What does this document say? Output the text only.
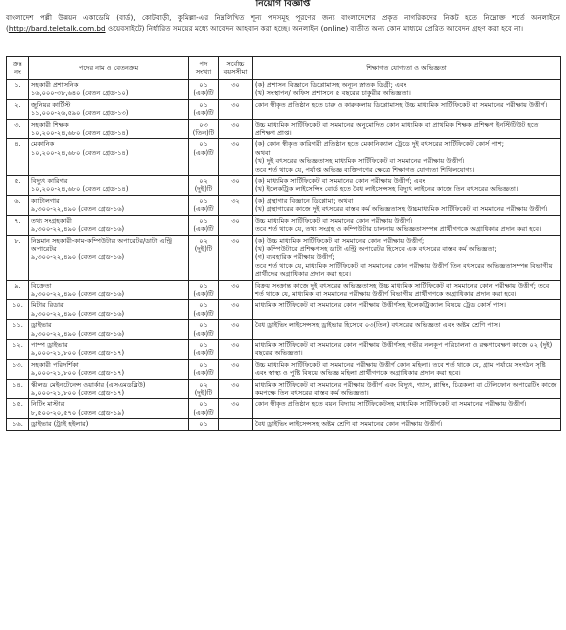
নিয়োগ বিজ্ঞপ্তি
বাংলাদেশ পল্লী উন্নয়ন একাডেমি (বার্ড), কোটবাড়ী, কুমিল্লা-এর নিম্নলিখিত শূন্য পদসমূহ পূরণের জন্য বাংলাদেশের প্রকৃত নাগরিকদের নিকট হতে নিম্নোক্ত শর্তে অনলাইনে (http://bard.teletalk.com.bd ওয়েবসাইটে) নির্ধারিত সময়ের মধ্যে আবেদন আহবান করা হচ্ছে। অনলাইন (online) ব্যতীত অন্য কোন মাধ্যমে প্রেরিত আবেদন গ্রহণ করা হবে না।
ক্রঃ নং	পদের নাম ও বেতনক্রম	পদ সংখ্যা	সর্বোচ্চ বয়সসীমা	শিক্ষাগত যোগ্যতা ও অভিজ্ঞতা
১.	সহকারী প্রশাসনিক
১৬,০০০-৩৮,৬৪০ (বেতন গ্রেড-১০)	০১ (এক)টি	৩০	(ক) প্রশাসন বিজ্ঞানে ডিপ্লোমাসহ অন্যূন স্নাতক ডিগ্রী; এবং
(খ) সংস্থাপন/ অফিস প্রশাসনে ৫ বছরের চাকুরীর অভিজ্ঞতা।

২.	জুনিয়র কার্টিস্ট
১১,০০০-২৬,৫৯০ (বেতন গ্রেড-১৩)	০১ (এক)টি	৩০	কোন স্বীকৃত প্রতিষ্ঠান হতে চারু ও কারুকলায় ডিপ্লোমাসহ উচ্চ মাধ্যমিক সার্টিফিকেট বা সমমানের পরীক্ষায় উত্তীর্ণ।

৩.	সহকারী শিক্ষক
১০,২০০-২৪,৬৮০ (বেতন গ্রেড-১৪)	০৩ (তিন)টি	৩০	উচ্চ মাধ্যমিক সার্টিফিকেট বা সমমানের অনুমোদিত কোন মাধ্যমিক বা প্রাথমিক শিক্ষক প্রশিক্ষণ ইনস্টিটিউট হতে প্রশিক্ষণ প্রাপ্ত।

৪.	মেকানিক
১০,২০০-২৪,৬৮০ (বেতন গ্রেড-১৪)	০১ (এক)টি	৩০	(ক) কোন স্বীকৃত কারিগরী প্রতিষ্ঠান হতে মেকানিক্যাল ট্রেডে দুই বৎসরের সার্টিফিকেট কোর্স পাশ;
অথবা
(খ) দুই বৎসরের অভিজ্ঞতাসহ মাধ্যমিক সার্টিফিকেট বা সমমানের পরীক্ষায় উত্তীর্ণ।
তবে শর্ত থাকে যে, পর্যাপ্ত অভিজ্ঞ ব্যক্তিগণের ক্ষেত্রে শিক্ষাগত যোগ্যতা শিথিলযোগ্য।

৫.	বিদ্যুৎ কারিগর
১০,২০০-২৪,৬৮০ (বেতন গ্রেড-১৪)	০২ (দুই)টি	৩০	(ক) মাধ্যমিক সার্টিফিকেট বা সমমানের কোন পরীক্ষায় উত্তীর্ণ; এবং
(খ) ইলেকট্রিক লাইসেন্সিং বোর্ড হতে বৈধ লাইসেন্সসহ বিদ্যুৎ লাইনের কাজে তিন বৎসরের অভিজ্ঞতা।

৬.	ক্যাটালগার
৯,৩০০-২২,৪৯০ (বেতন গ্রেড-১৬)	০১ (এক)টি	৩২	(ক) গ্রন্থাগার বিজ্ঞানে ডিপ্লোমা; অথবা
(খ) গ্রন্থাগারের কাজে দুই বৎসরের বাস্তব কর্ম অভিজ্ঞতাসহ উচ্চমাধ্যমিক সার্টিফিকেট বা সমমানের পরীক্ষায় উত্তীর্ণ।

৭.	তথ্য সংগ্রহকারী
৯,৩০০-২২,৪৯০ (বেতন গ্রেড-১৬)	০১ (এক)টি	৩০	উচ্চ মাধ্যমিক সার্টিফিকেট বা সমমানের কোন পরীক্ষায় উত্তীর্ণ।
তবে শর্ত থাকে যে, তথ্য সংগ্রহ ও কম্পিউটার চালনায় অভিজ্ঞতাসম্পন্ন প্রার্থীগণকে অগ্রাধিকার প্রদান করা হবে।

৮.	নিম্নমান সহকারী-কাম-কম্পিউটার অপারেটর/ডাটা এন্ট্রি অপারেটর
৯,৩০০-২২,৪৯০ (বেতন গ্রেড-১৬)	০২ (দুই)টি	৩০	(ক) উচ্চ মাধ্যমিক সার্টিফিকেট বা সমমানের কোন পরীক্ষায় উত্তীর্ণ;
(খ) কম্পিউটারে প্রশিক্ষণসহ ডাটা এন্ট্রি অপারেটর হিসেবে এক বৎসরের বাস্তব কর্ম অভিজ্ঞতা;
(গ) ব্যবহারিক পরীক্ষায় উত্তীর্ণ;
তবে শর্ত থাকে যে, মাধ্যমিক সার্টিফিকেট বা সমমানের কোন পরীক্ষায় উত্তীর্ণ তিন বৎসরের অভিজ্ঞতাসম্পন্ন বিভাগীয় প্রার্থীদের অগ্রাধিকার প্রদান করা হবে।

৯.	বিক্রেতা
৯,৩০০-২২,৪৯০ (বেতন গ্রেড-১৬)	০১ (এক)টি	৩০	বিক্রয় সংক্রান্ত কাজে দুই বৎসরের অভিজ্ঞতাসহ উচ্চ মাধ্যমিক সার্টিফিকেট বা সমমানের কোন পরীক্ষায় উত্তীর্ণ; তবে শর্ত থাকে যে, মাধ্যমিক বা সমমানের পরীক্ষায় উত্তীর্ণ বিভাগীয় প্রার্থীগণকে অগ্রাধিকার প্রদান করা হবে।

১০.	মিটার রিডার
৯,৩০০-২২,৪৯০ (বেতন গ্রেড-১৬)	০১ (এক)টি	৩০	মাধ্যমিক সার্টিফিকেট বা সমমানের কোন পরীক্ষায় উত্তীর্ণসহ ইলেকট্রিক্যাল বিষয়ে ট্রেড কোর্স পাস।

১১.	ড্রাইভার
৯,৩০০-২২,৪৯০ (বেতন গ্রেড-১৬)	০১ (এক)টি	৩০	বৈধ ড্রাইভিং লাইসেন্সসহ ড্রাইভার হিসেবে ০৩(তিন) বৎসরের অভিজ্ঞতা এবং অষ্টম শ্রেণি পাস।

১২.	পাম্প ড্রাইভার
৯,০০০-২১,৮০০ (বেতন গ্রেড-১৭)	০১ (এক)টি	৩০	মাধ্যমিক সার্টিফিকেট বা সমমানের কোন পরীক্ষায় উত্তীর্ণসহ গভীর নলকূপ পরিচালনা ও রক্ষণাবেক্ষণ কাজে ০২ (দুই) বছরের অভিজ্ঞতা।

১৩.	সহকারী পরিদর্শিকা
৯,০০০-২১,৮০০ (বেতন গ্রেড-১৭)	০১ (এক)টি	৩০	উচ্চ মাধ্যমিক সার্টিফিকেট বা সমমানের পরীক্ষায় উত্তীর্ণ কোন মহিলা। তবে শর্ত থাকে যে, গ্রাম পর্যায়ে সংগঠন সৃষ্টি এবং স্বাস্থ্য ও পুষ্টি বিষয়ে অভিজ্ঞ মহিলা প্রার্থীগণকে অগ্রাধিকার প্রদান করা হবে।

১৪.	স্কীলড মেইনটেনেন্স ওয়ার্কার (এসএমডব্লিউ)
৯,০০০-২১,৮০০ (বেতন গ্রেড-১৭)	০২ (দুই)টি	৩০	মাধ্যমিক সার্টিফিকেট বা সমমানের পরীক্ষায় উত্তীর্ণ এবং বিদ্যুৎ, গ্যাস, প্লাম্বিং, চিত্রকলা বা টেলিফোন অপারেটিং কাজে কমপক্ষে তিন বৎসরের বাস্তব কর্ম অভিজ্ঞতা।

১৫.	নিটিং মাস্টার
৮,৫০০-২০,৫৭০ (বেতন গ্রেড-১৯)	০১ (এক)টি	৩০	কোন স্বীকৃত প্রতিষ্ঠান হতে বয়ন বিদ্যায় সার্টিফিকেটসহ মাধ্যমিক সার্টিফিকেট বা সমমানের পরীক্ষায় উত্তীর্ণ।

১৬.	ড্রাইভার (ট্রাই হইলার)	০১		বৈধ ড্রাইভিং লাইসেন্সসহ অষ্টম শ্রেণি বা সমমানের কোন পরীক্ষায় উত্তীর্ণ।
